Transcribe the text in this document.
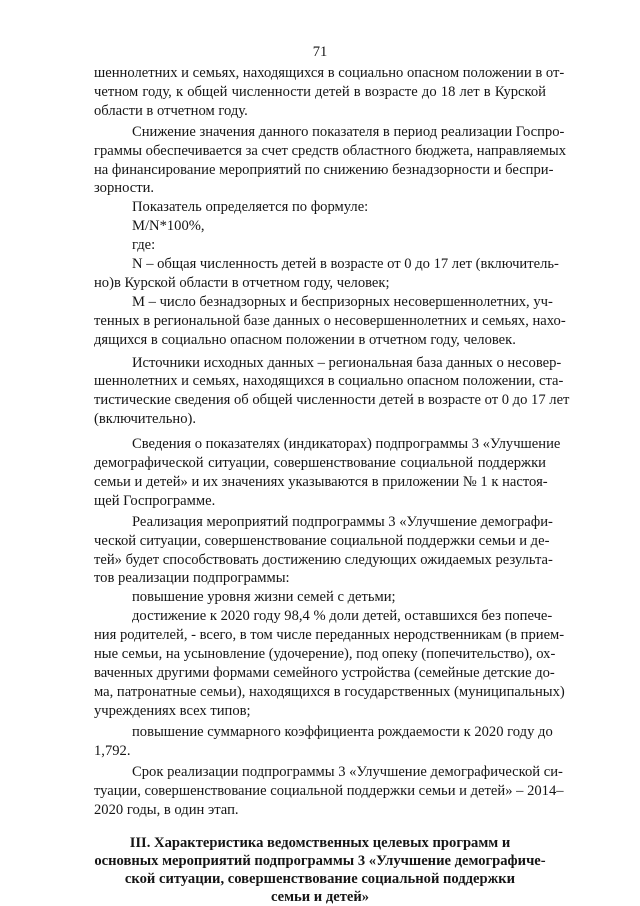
71
шеннолетних и семьях, находящихся в социально опасном положении в от-
четном году, к общей численности детей в возрасте до 18 лет в Курской
области в отчетном году.
Снижение значения данного показателя в период реализации Госпро-
граммы обеспечивается за счет средств областного бюджета, направляемых
на финансирование мероприятий по снижению безнадзорности и беспри-
зорности.
Показатель определяется по формуле:
M/N*100%,
где:
N – общая численность детей в возрасте от 0 до 17 лет (включитель-
но)в Курской области в отчетном году, человек;
М – число безнадзорных и беспризорных несовершеннолетних, уч-
тенных в региональной базе данных о несовершеннолетних и семьях, нахо-
дящихся в социально опасном положении в отчетном году, человек.
Источники исходных данных – региональная база данных о несовер-
шеннолетних и семьях, находящихся в социально опасном положении, ста-
тистические сведения об общей численности детей в возрасте от 0 до 17 лет
(включительно).
Сведения о показателях (индикаторах) подпрограммы 3 «Улучшение
демографической ситуации, совершенствование социальной поддержки
семьи и детей» и их значениях указываются в приложении № 1 к настоя-
щей Госпрограмме.
Реализация мероприятий подпрограммы 3 «Улучшение демографи-
ческой ситуации, совершенствование социальной поддержки семьи и де-
тей» будет способствовать достижению следующих ожидаемых результа-
тов реализации подпрограммы:
повышение уровня жизни семей с детьми;
достижение к 2020 году 98,4 % доли детей, оставшихся без попече-
ния родителей, - всего, в том числе переданных неродственникам (в прием-
ные семьи, на усыновление (удочерение), под опеку (попечительство), ох-
ваченных другими формами семейного устройства (семейные детские до-
ма, патронатные семьи), находящихся в государственных (муниципальных)
учреждениях всех типов;
повышение суммарного коэффициента рождаемости к 2020 году до
1,792.
Срок реализации подпрограммы 3 «Улучшение демографической си-
туации, совершенствование социальной поддержки семьи и детей» – 2014–
2020 годы, в один этап.
III. Характеристика ведомственных целевых программ и
основных мероприятий подпрограммы 3 «Улучшение демографиче-
ской ситуации, совершенствование социальной поддержки
семьи и детей»
